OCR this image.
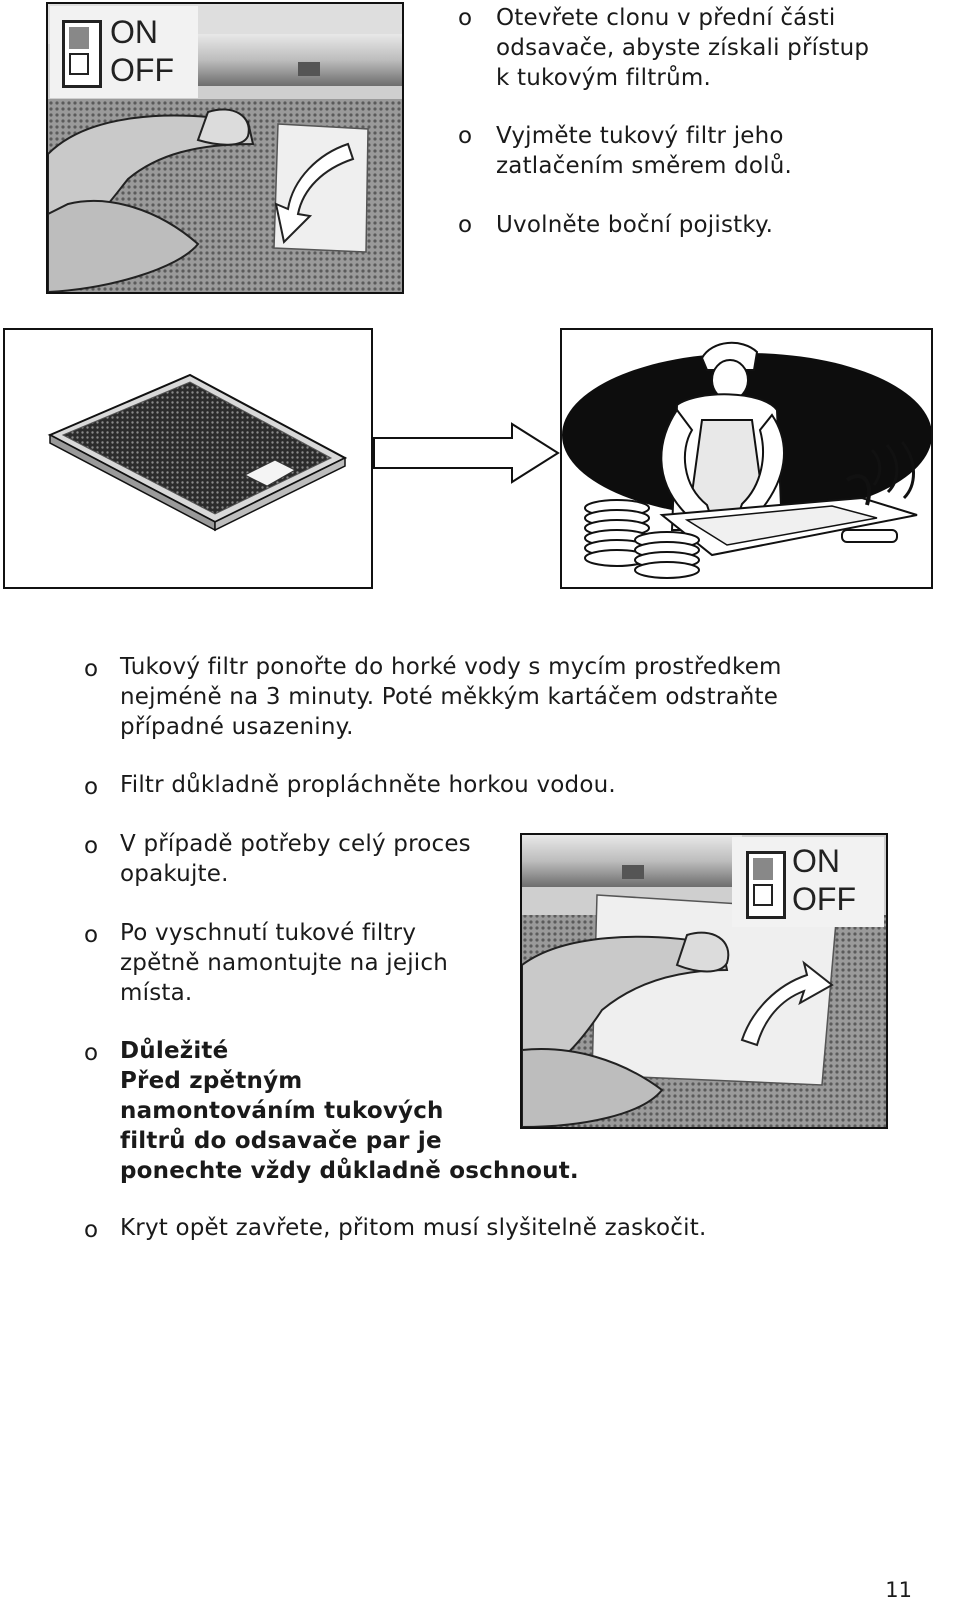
ON
OFF
o Otevřete clonu v přední části
odsavače, abyste získali přístup
k tukovým filtrům.
o Vyjměte tukový filtr jeho
zatlačením směrem dolů.
o Uvolněte boční pojistky.
o Tukový filtr ponořte do horké vody s mycím prostředkem
nejméně na 3 minuty. Poté měkkým kartáčem odstraňte
případné usazeniny.
o Filtr důkladně propláchněte horkou vodou.
o V případě potřeby celý proces
opakujte.
o Po vyschnutí tukové filtry
zpětně namontujte na jejich
místa.
o Důležité
Před zpětným
namontováním tukových
filtrů do odsavače par je
ponechte vždy důkladně oschnout.
o Kryt opět zavřete, přitom musí slyšitelně zaskočit.
ON
OFF
11
